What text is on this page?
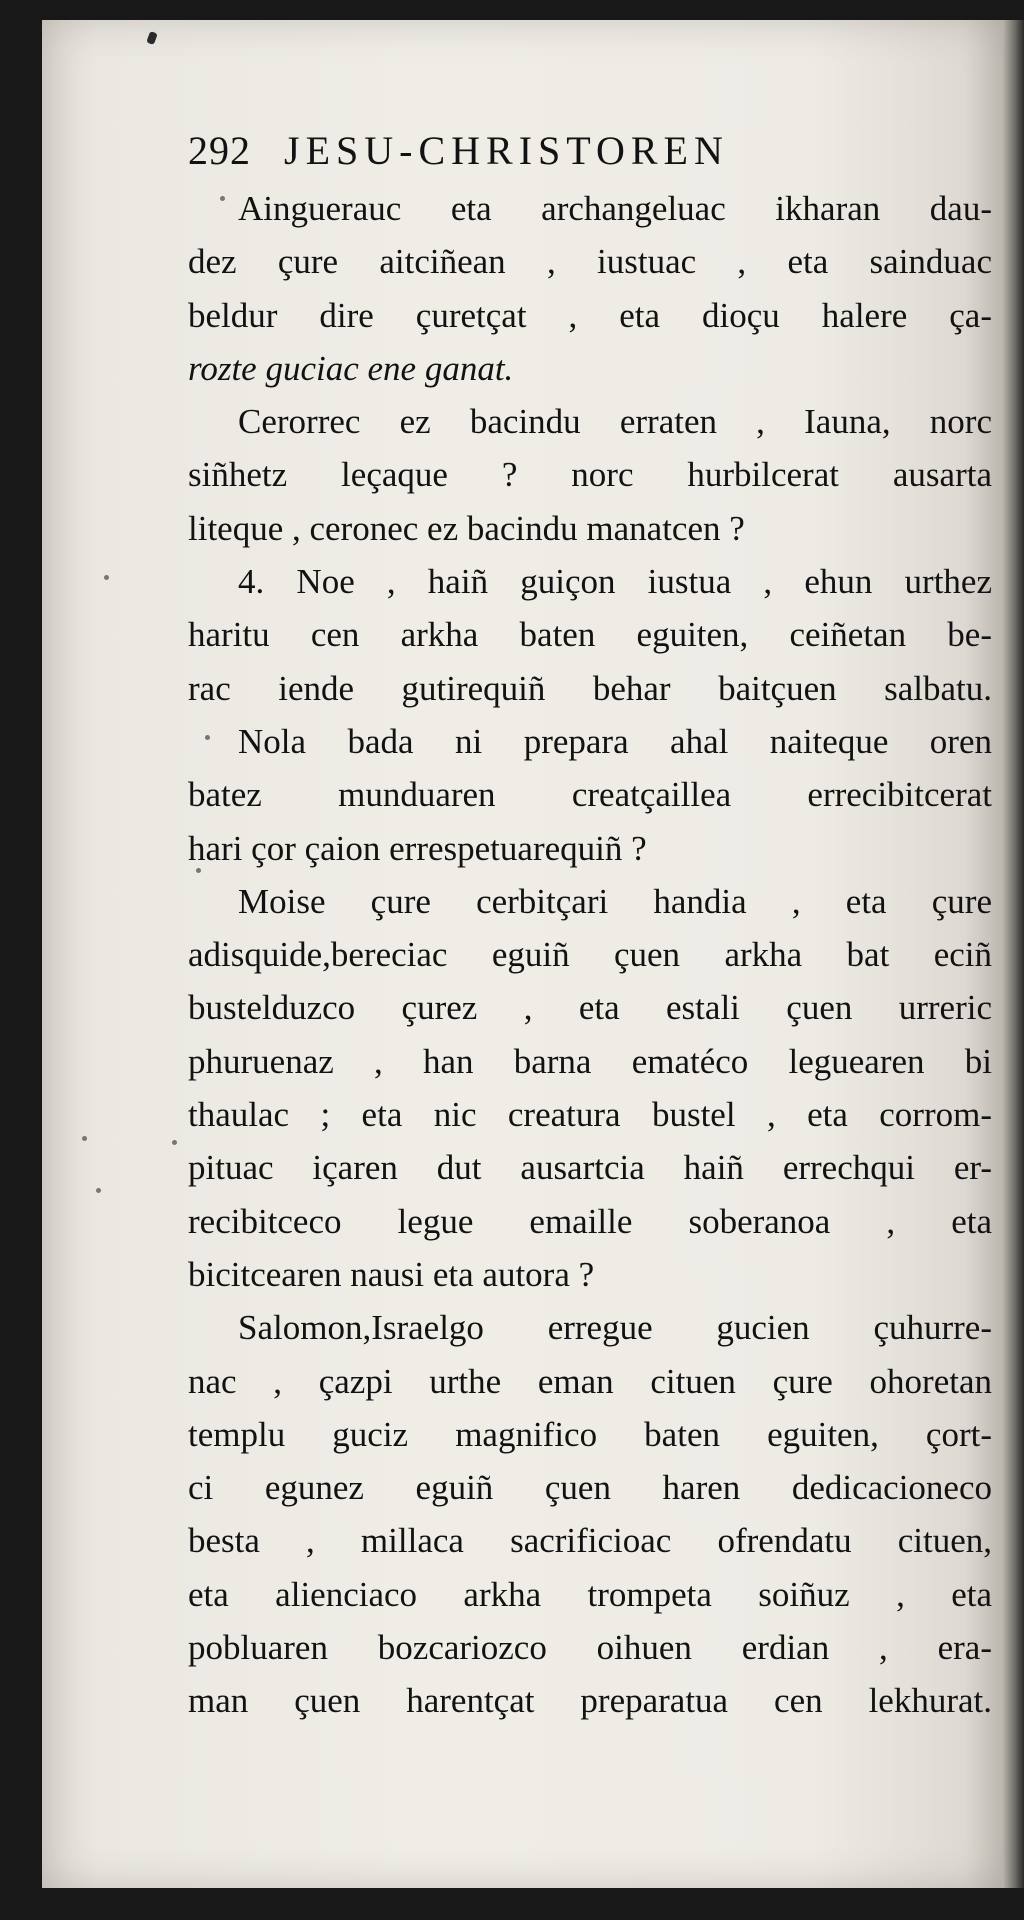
292 JESU-CHRISTOREN
Ainguerauc eta archangeluac ikharan dau-
dez çure aitciñean , iustuac , eta sainduac
beldur dire çuretçat , eta dioçu halere ça-
rozte guciac ene ganat.
Cerorrec ez bacindu erraten , Iauna, norc
siñhetz leçaque ? norc hurbilcerat ausarta
liteque , ceronec ez bacindu manatcen ?
4. Noe , haiñ guiçon iustua , ehun urthez
haritu cen arkha baten eguiten, ceiñetan be-
rac iende gutirequiñ behar baitçuen salbatu.
Nola bada ni prepara ahal naiteque oren
batez munduaren creatçaillea errecibitcerat
hari çor çaion errespetuarequiñ ?
Moise çure cerbitçari handia , eta çure
adisquide,bereciac eguiñ çuen arkha bat eciñ
bustelduzco çurez , eta estali çuen urreric
phuruenaz , han barna ematéco leguearen bi
thaulac ; eta nic creatura bustel , eta corrom-
pituac içaren dut ausartcia haiñ errechqui er-
recibitceco legue emaille soberanoa , eta
bicitcearen nausi eta autora ?
Salomon,Israelgo erregue gucien çuhurre-
nac , çazpi urthe eman cituen çure ohoretan
templu guciz magnifico baten eguiten, çort-
ci egunez eguiñ çuen haren dedicacioneco
besta , millaca sacrificioac ofrendatu cituen,
eta alienciaco arkha trompeta soiñuz , eta
pobluaren bozcariozco oihuen erdian , era-
man çuen harentçat preparatua cen lekhurat.
